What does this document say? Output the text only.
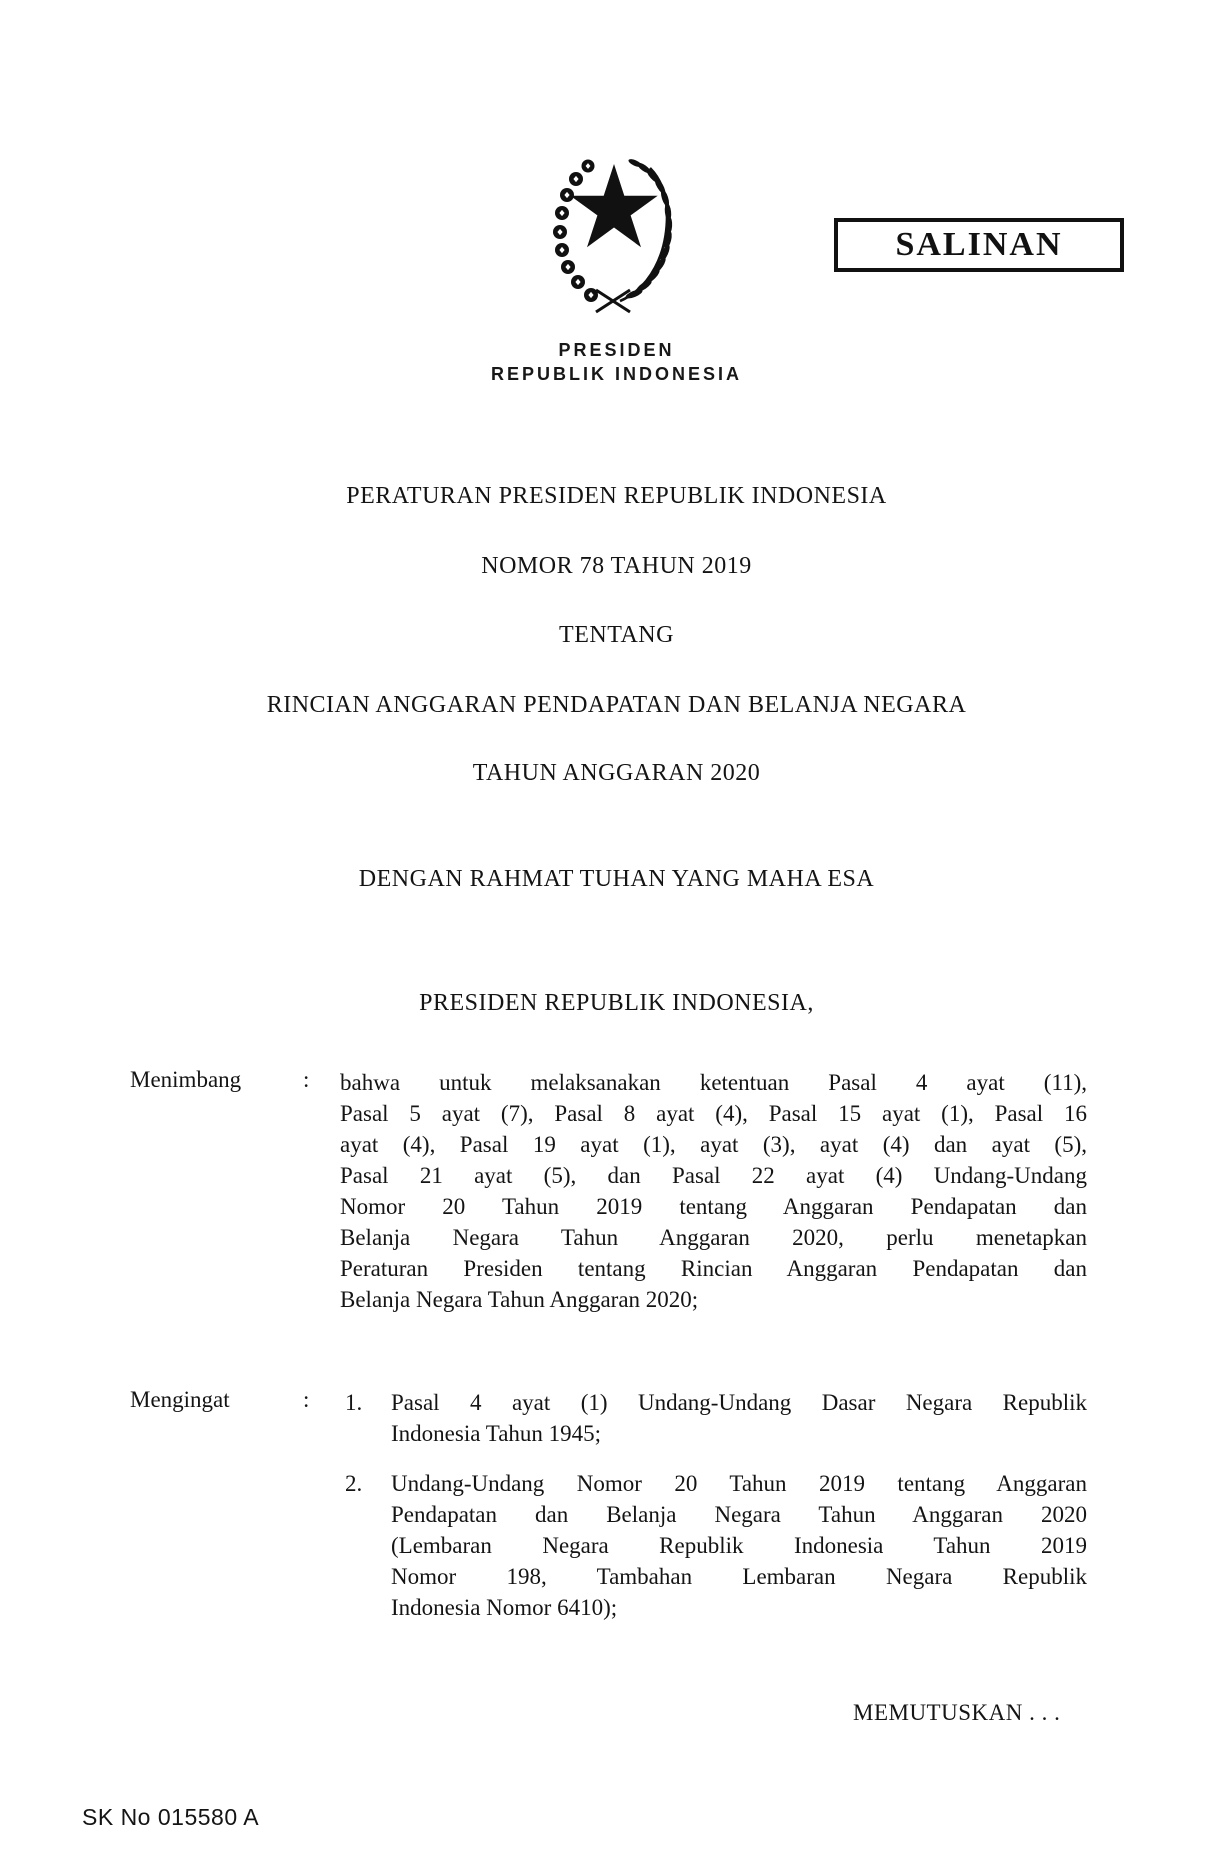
SALINAN
PRESIDEN
REPUBLIK INDONESIA
PERATURAN PRESIDEN REPUBLIK INDONESIA
NOMOR 78 TAHUN 2019
TENTANG
RINCIAN ANGGARAN PENDAPATAN DAN BELANJA NEGARA
TAHUN ANGGARAN 2020
DENGAN RAHMAT TUHAN YANG MAHA ESA
PRESIDEN REPUBLIK INDONESIA,
Menimbang	: bahwa untuk melaksanakan ketentuan Pasal 4 ayat (11),
Pasal 5 ayat (7), Pasal 8 ayat (4), Pasal 15 ayat (1), Pasal 16
ayat (4), Pasal 19 ayat (1), ayat (3), ayat (4) dan ayat (5),
Pasal 21 ayat (5), dan Pasal 22 ayat (4) Undang-Undang
Nomor 20 Tahun 2019 tentang Anggaran Pendapatan dan
Belanja Negara Tahun Anggaran 2020, perlu menetapkan
Peraturan Presiden tentang Rincian Anggaran Pendapatan dan
Belanja Negara Tahun Anggaran 2020;
Mengingat	: 1. Pasal 4 ayat (1) Undang-Undang Dasar Negara Republik
Indonesia Tahun 1945;
2. Undang-Undang Nomor 20 Tahun 2019 tentang Anggaran
Pendapatan dan Belanja Negara Tahun Anggaran 2020
(Lembaran Negara Republik Indonesia Tahun 2019
Nomor 198, Tambahan Lembaran Negara Republik
Indonesia Nomor 6410);
MEMUTUSKAN . . .
SK No 015580 A
